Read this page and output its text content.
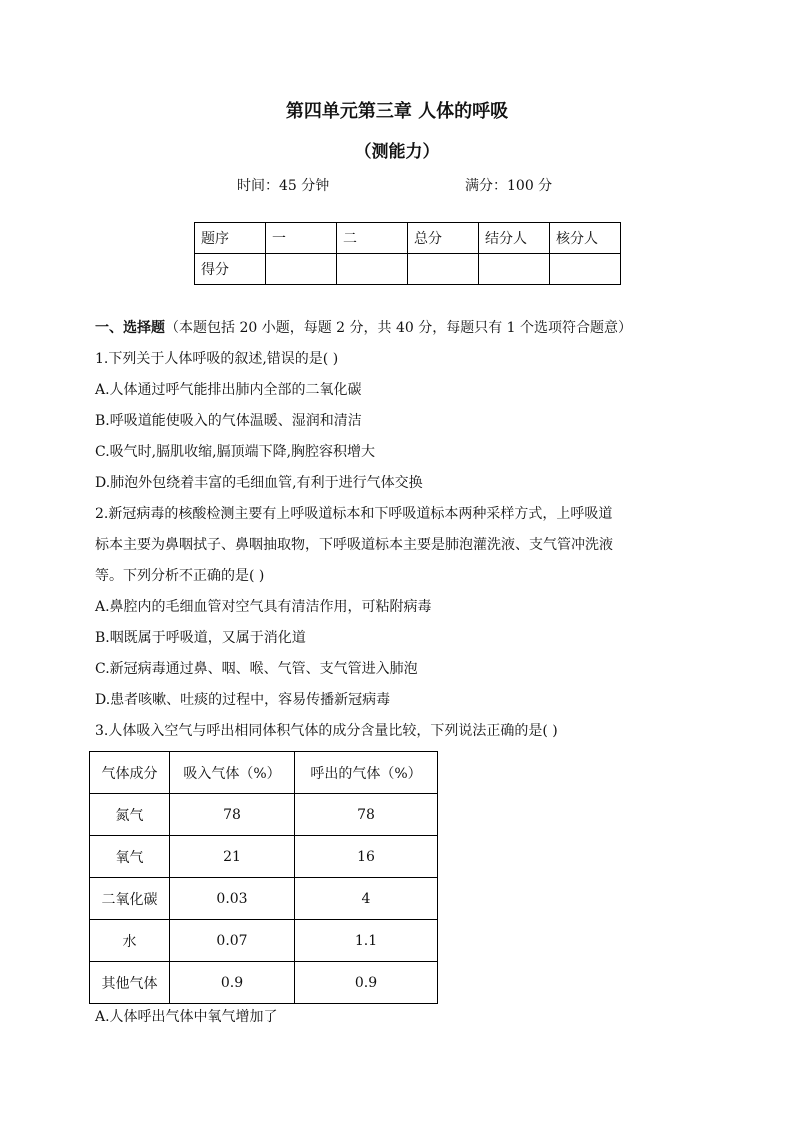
第四单元第三章 人体的呼吸
（测能力）
时间：45 分钟	满分：100 分
题序	一	二	总分	结分人	核分人
得分					
一、选择题（本题包括 20 小题，每题 2 分，共 40 分，每题只有 1 个选项符合题意）
1.下列关于人体呼吸的叙述,错误的是( )
A.人体通过呼气能排出肺内全部的二氧化碳
B.呼吸道能使吸入的气体温暖、湿润和清洁
C.吸气时,膈肌收缩,膈顶端下降,胸腔容积增大
D.肺泡外包绕着丰富的毛细血管,有利于进行气体交换
2.新冠病毒的核酸检测主要有上呼吸道标本和下呼吸道标本两种采样方式，上呼吸道
标本主要为鼻咽拭子、鼻咽抽取物，下呼吸道标本主要是肺泡灌洗液、支气管冲洗液
等。下列分析不正确的是( )
A.鼻腔内的毛细血管对空气具有清洁作用，可粘附病毒
B.咽既属于呼吸道，又属于消化道
C.新冠病毒通过鼻、咽、喉、气管、支气管进入肺泡
D.患者咳嗽、吐痰的过程中，容易传播新冠病毒
3.人体吸入空气与呼出相同体积气体的成分含量比较，下列说法正确的是( )
气体成分	吸入气体（%）	呼出的气体（%）
氮气	78	78
氧气	21	16
二氧化碳	0.03	4
水	0.07	1.1
其他气体	0.9	0.9
A.人体呼出气体中氧气增加了
